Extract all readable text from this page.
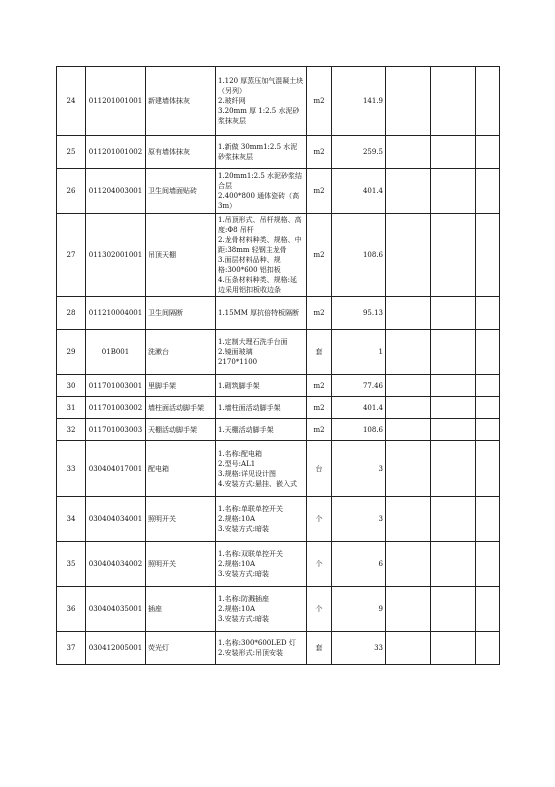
24	011201001001	新建墙体抹灰	1.120 厚蒸压加气混凝土块（另列）
2.玻纤网
3.20mm 厚 1:2.5 水泥砂浆抹灰层	m2	141.9			
25	011201001002	原有墙体抹灰	1.新做 30mm1:2.5 水泥砂浆抹灰层	m2	259.5			
26	011204003001	卫生间墙面贴砖	1.20mm1:2.5 水泥砂浆结合层
2.400*800 通体瓷砖（高 3m）	m2	401.4			
27	011302001001	吊顶天棚	1.吊顶形式、吊杆规格、高度:Φ8 吊杆
2.龙骨材料种类、规格、中距:38mm 轻钢主龙骨
3.面层材料品种、规格:300*600 铝扣板
4.压条材料种类、规格:延边采用铝扣板收边条	m2	108.6			
28	011210004001	卫生间隔断	1.15MM 厚抗倍特板隔断	m2	95.13			
29	01B001	洗漱台	1.定制大理石洗手台面
2.镜面玻璃
2170*1100	套	1			
30	011701003001	里脚手架	1.砌筑脚手架	m2	77.46			
31	011701003002	墙柱面活动脚手架	1.墙柱面活动脚手架	m2	401.4			
32	011701003003	天棚活动脚手架	1.天棚活动脚手架	m2	108.6			
33	030404017001	配电箱	1.名称:配电箱
2.型号:AL1
3.规格:详见设计图
4.安装方式:悬挂、嵌入式	台	3			
34	030404034001	照明开关	1.名称:单联单控开关
2.规格:10A
3.安装方式:暗装	个	3			
35	030404034002	照明开关	1.名称:双联单控开关
2.规格:10A
3.安装方式:暗装	个	6			
36	030404035001	插座	1.名称:防溅插座
2.规格:10A
3.安装方式:暗装	个	9			
37	030412005001	荧光灯	1.名称:300*600LED 灯
2.安装形式:吊顶安装	套	33			
